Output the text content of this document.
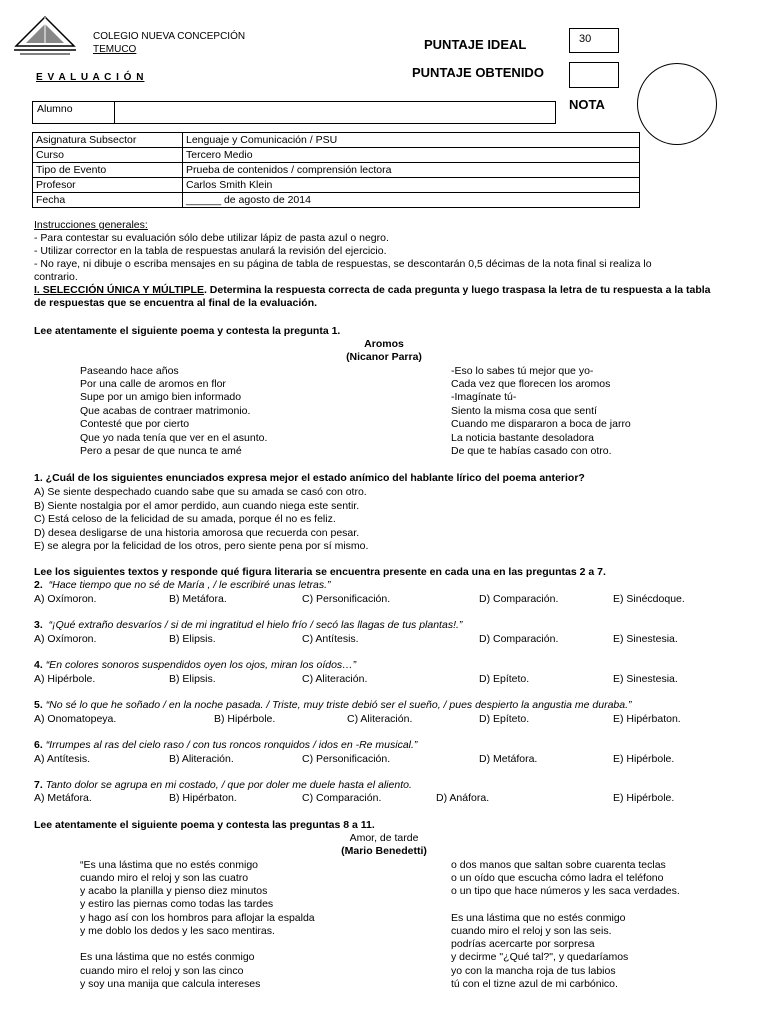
COLEGIO NUEVA CONCEPCIÓN
TEMUCO
E V A L U A C I Ó N
PUNTAJE IDEAL	30
PUNTAJE OBTENIDO
NOTA
Alumno
Asignatura Subsector	Lenguaje y Comunicación / PSU
Curso	Tercero Medio
Tipo de Evento	Prueba de contenidos / comprensión lectora
Profesor	Carlos Smith Klein
Fecha	______ de agosto de 2014
Instrucciones generales:
- Para contestar su evaluación sólo debe utilizar lápiz de pasta azul o negro.
- Utilizar corrector en la tabla de respuestas anulará la revisión del ejercicio.
- No raye, ni dibuje o escriba mensajes en su página de tabla de respuestas, se descontarán 0,5 décimas de la nota final si realiza lo
contrario.
I. SELECCIÓN ÚNICA Y MÚLTIPLE. Determina la respuesta correcta de cada pregunta y luego traspasa la letra de tu respuesta a la tabla
de respuestas que se encuentra al final de la evaluación.
Lee atentamente el siguiente poema y contesta la pregunta 1.
Aromos
(Nicanor Parra)
Paseando hace años
Por una calle de aromos en flor
Supe por un amigo bien informado
Que acabas de contraer matrimonio.
Contesté que por cierto
Que yo nada tenía que ver en el asunto.
Pero a pesar de que nunca te amé
-Eso lo sabes tú mejor que yo-
Cada vez que florecen los aromos
-Imagínate tú-
Siento la misma cosa que sentí
Cuando me dispararon a boca de jarro
La noticia bastante desoladora
De que te habías casado con otro.
1. ¿Cuál de los siguientes enunciados expresa mejor el estado anímico del hablante lírico del poema anterior?
A) Se siente despechado cuando sabe que su amada se casó con otro.
B) Siente nostalgia por el amor perdido, aun cuando niega este sentir.
C) Está celoso de la felicidad de su amada, porque él no es feliz.
D) desea desligarse de una historia amorosa que recuerda con pesar.
E) se alegra por la felicidad de los otros, pero siente pena por sí mismo.
Lee los siguientes textos y responde qué figura literaria se encuentra presente en cada una en las preguntas 2 a 7.
2. “Hace tiempo que no sé de María , / le escribiré unas letras.”
A) Oxímoron.	B) Metáfora.	C) Personificación.	D) Comparación.	E) Sinécdoque.
3. “¡Qué extraño desvaríos / si de mi ingratitud el hielo frío / secó las llagas de tus plantas!.”
A) Oxímoron.	B) Elipsis.	C) Antítesis.	D) Comparación.	E) Sinestesia.
4. “En colores sonoros suspendidos oyen los ojos, miran los oídos…”
A) Hipérbole.	B) Elipsis.	C) Aliteración.	D) Epíteto.	E) Sinestesia.
5. “No sé lo que he soñado / en la noche pasada. / Triste, muy triste debió ser el sueño, / pues despierto la angustia me duraba.”
A) Onomatopeya.	B) Hipérbole.	C) Aliteración.	D) Epíteto.	E) Hipérbaton.
6. “Irrumpes al ras del cielo raso / con tus roncos ronquidos / idos en -Re musical.”
A) Antítesis.	B) Aliteración.	C) Personificación.	D) Metáfora.	E) Hipérbole.
7. Tanto dolor se agrupa en mi costado, / que por doler me duele hasta el aliento.
A) Metáfora.	B) Hipérbaton.	C) Comparación.	D) Anáfora.	E) Hipérbole.
Lee atentamente el siguiente poema y contesta las preguntas 8 a 11.
Amor, de tarde
(Mario Benedetti)
“Es una lástima que no estés conmigo
cuando miro el reloj y son las cuatro
y acabo la planilla y pienso diez minutos
y estiro las piernas como todas las tardes
y hago así con los hombros para aflojar la espalda
y me doblo los dedos y les saco mentiras.
Es una lástima que no estés conmigo
cuando miro el reloj y son las cinco
y soy una manija que calcula intereses
o dos manos que saltan sobre cuarenta teclas
o un oído que escucha cómo ladra el teléfono
o un tipo que hace números y les saca verdades.
Es una lástima que no estés conmigo
cuando miro el reloj y son las seis.
podrías acercarte por sorpresa
y decirme "¿Qué tal?", y quedaríamos
yo con la mancha roja de tus labios
tú con el tizne azul de mi carbónico.
